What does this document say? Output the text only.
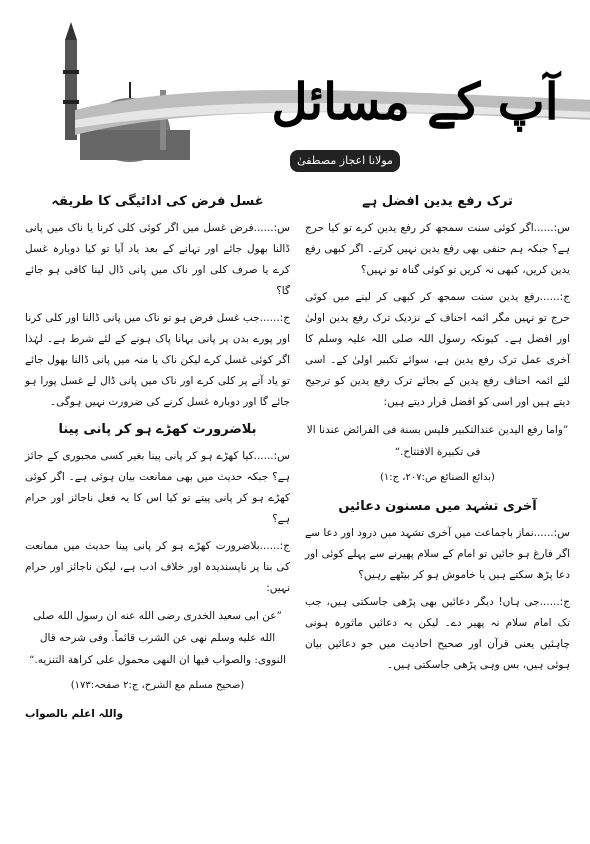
آپ کے مسائل
مولانا اعجاز مصطفیٰ
ترک رفع یدین افضل ہے

س:......اگر کوئی سنت سمجھ کر رفع یدین کرے تو کیا حرج ہے؟ جبکہ ہم حنفی بھی رفع یدین نہیں کرتے۔ اگر کبھی رفع یدین کریں، کبھی نہ کریں تو کوئی گناہ تو نہیں؟

ج:......رفع یدین سنت سمجھ کر کبھی کر لینے میں کوئی حرج تو نہیں مگر ائمہ احناف کے نزدیک ترک رفع یدین اولیٰ اور افضل ہے۔ کیونکہ رسول اللہ صلی اللہ علیہ وسلم کا آخری عمل ترک رفع یدین ہے، سوائے تکبیر اولیٰ کے۔ اسی لئے ائمہ احناف رفع یدین کے بجائے ترک رفع یدین کو ترجیح دیتے ہیں اور اسی کو افضل قرار دیتے ہیں:

”واما رفع اليدين عندالتكبير فليس بسنة فى الفرائض عندنا الا فى تكبيرة الافتتاح.“

(بدائع الصنائع ص:۲۰۷، ج:۱)

آخری تشہد میں مسنون دعائیں

س:......نماز باجماعت میں آخری تشہد میں درود اور دعا سے اگر فارغ ہو جائیں تو امام کے سلام پھیرنے سے پہلے کوئی اور دعا پڑھ سکتے ہیں یا خاموش ہو کر بیٹھے رہیں؟

ج:......جی ہاں! دیگر دعائیں بھی پڑھی جاسکتی ہیں، جب تک امام سلام نہ پھیر دے۔ لیکن یہ دعائیں ماثورہ ہونی چاہئیں یعنی قرآن اور صحیح احادیث میں جو دعائیں بیان ہوئی ہیں، بس وہی پڑھی جاسکتی ہیں۔

غسل فرض کی ادائیگی کا طریقہ

س:......فرض غسل میں اگر کوئی کلی کرنا یا ناک میں پانی ڈالنا بھول جائے اور نہانے کے بعد یاد آیا تو کیا دوبارہ غسل کرے یا صرف کلی اور ناک میں پانی ڈال لینا کافی ہو جائے گا؟

ج:......جب غسل فرض ہو تو ناک میں پانی ڈالنا اور کلی کرنا اور پورے بدن پر پانی بہانا پاک ہونے کے لئے شرط ہے۔ لہٰذا اگر کوئی غسل کرے لیکن ناک یا منہ میں پانی ڈالنا بھول جائے تو یاد آنے پر کلی کرے اور ناک میں پانی ڈال لے غسل پورا ہو جائے گا اور دوبارہ غسل کرنے کی ضرورت نہیں ہوگی۔

بلاضرورت کھڑے ہو کر پانی پینا

س:......کیا کھڑے ہو کر پانی پینا بغیر کسی مجبوری کے جائز ہے؟ جبکہ حدیث میں بھی ممانعت بیان ہوئی ہے۔ اگر کوئی کھڑے ہو کر پانی پیتے تو کیا اس کا یہ فعل ناجائز اور حرام ہے؟

ج:......بلاضرورت کھڑے ہو کر پانی پینا حدیث میں ممانعت کی بنا پر ناپسندیدہ اور خلاف ادب ہے، لیکن ناجائز اور حرام نہیں:

”عن ابى سعيد الخدرى رضى الله عنه ان رسول الله صلى الله عليه وسلم نهى عن الشرب قائماً. وفى شرحه قال النووى: والصواب فيها ان النهى محمول على كراهة التنزيه.“

(صحیح مسلم مع الشرح، ج:۲ صفحہ:۱۷۳)

واللہ اعلم بالصواب
